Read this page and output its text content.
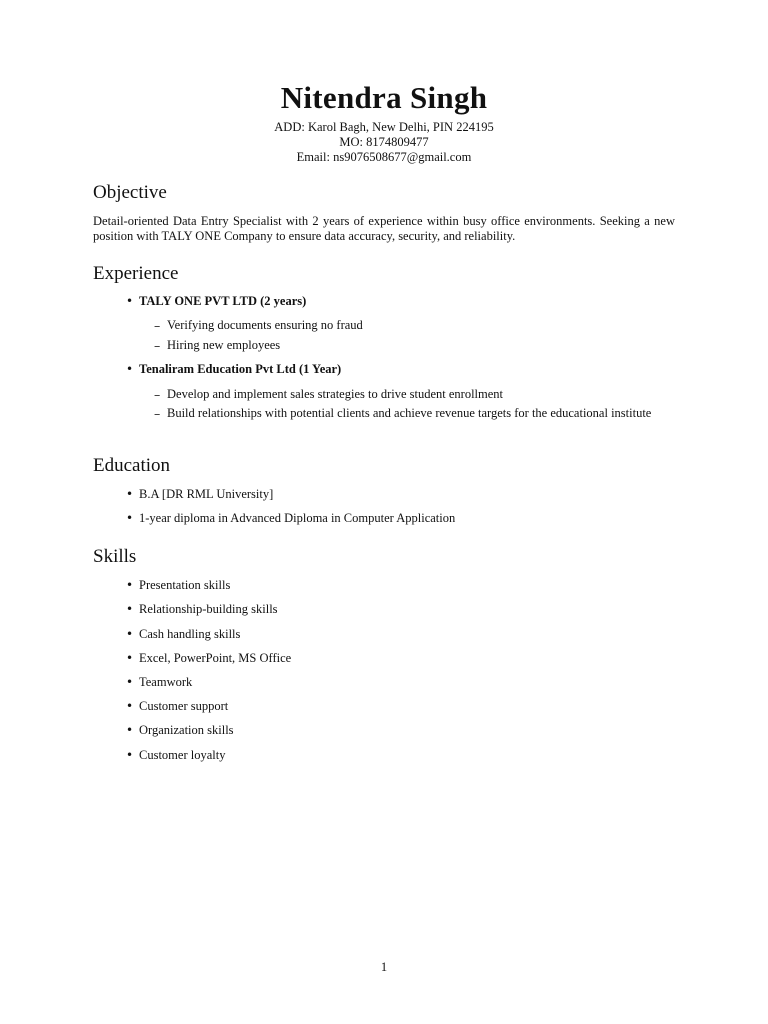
Nitendra Singh
ADD: Karol Bagh, New Delhi, PIN 224195
MO: 8174809477
Email: ns9076508677@gmail.com
Objective
Detail-oriented Data Entry Specialist with 2 years of experience within busy office environments. Seeking a new position with TALY ONE Company to ensure data accuracy, security, and reliability.
Experience
• TALY ONE PVT LTD (2 years)
– Verifying documents ensuring no fraud
– Hiring new employees
• Tenaliram Education Pvt Ltd (1 Year)
– Develop and implement sales strategies to drive student enrollment
– Build relationships with potential clients and achieve revenue targets for the educational institute
Education
• B.A [DR RML University]
• 1-year diploma in Advanced Diploma in Computer Application
Skills
• Presentation skills
• Relationship-building skills
• Cash handling skills
• Excel, PowerPoint, MS Office
• Teamwork
• Customer support
• Organization skills
• Customer loyalty
1
